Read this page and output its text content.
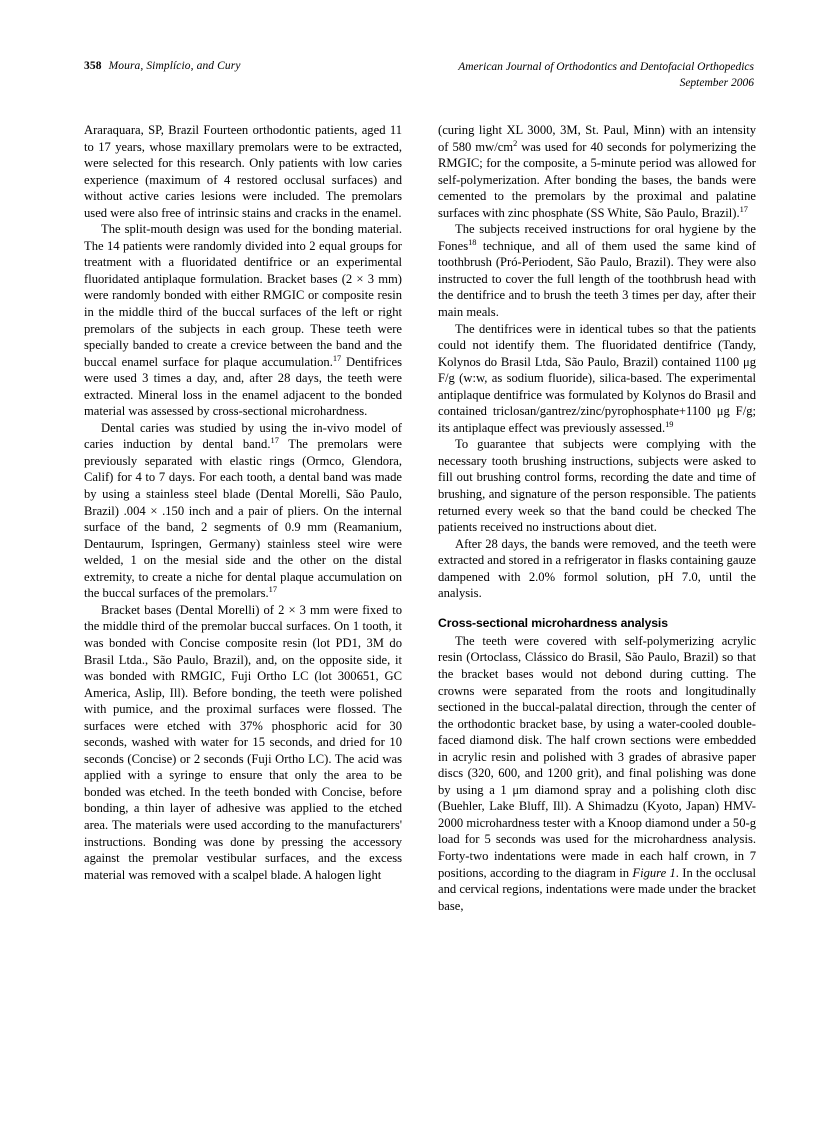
358 Moura, Simplício, and Cury	American Journal of Orthodontics and Dentofacial Orthopedics
September 2006

Araraquara, SP, Brazil Fourteen orthodontic patients, aged 11 to 17 years, whose maxillary premolars were to be extracted, were selected for this research. Only patients with low caries experience (maximum of 4 restored occlusal surfaces) and without active caries lesions were included. The premolars used were also free of intrinsic stains and cracks in the enamel.

The split-mouth design was used for the bonding material. The 14 patients were randomly divided into 2 equal groups for treatment with a fluoridated dentifrice or an experimental fluoridated antiplaque formulation. Bracket bases (2 × 3 mm) were randomly bonded with either RMGIC or composite resin in the middle third of the buccal surfaces of the left or right premolars of the subjects in each group. These teeth were specially banded to create a crevice between the band and the buccal enamel surface for plaque accumulation.$^{17}$ Dentifrices were used 3 times a day, and, after 28 days, the teeth were extracted. Mineral loss in the enamel adjacent to the bonded material was assessed by cross-sectional microhardness.

Dental caries was studied by using the in-vivo model of caries induction by dental band.$^{17}$ The premolars were previously separated with elastic rings (Ormco, Glendora, Calif) for 4 to 7 days. For each tooth, a dental band was made by using a stainless steel blade (Dental Morelli, São Paulo, Brazil) .004 × .150 inch and a pair of pliers. On the internal surface of the band, 2 segments of 0.9 mm (Reamanium, Dentaurum, Ispringen, Germany) stainless steel wire were welded, 1 on the mesial side and the other on the distal extremity, to create a niche for dental plaque accumulation on the buccal surfaces of the premolars.$^{17}$

Bracket bases (Dental Morelli) of 2 × 3 mm were fixed to the middle third of the premolar buccal surfaces. On 1 tooth, it was bonded with Concise composite resin (lot PD1, 3M do Brasil Ltda., São Paulo, Brazil), and, on the opposite side, it was bonded with RMGIC, Fuji Ortho LC (lot 300651, GC America, Aslip, Ill). Before bonding, the teeth were polished with pumice, and the proximal surfaces were flossed. The surfaces were etched with 37% phosphoric acid for 30 seconds, washed with water for 15 seconds, and dried for 10 seconds (Concise) or 2 seconds (Fuji Ortho LC). The acid was applied with a syringe to ensure that only the area to be bonded was etched. In the teeth bonded with Concise, before bonding, a thin layer of adhesive was applied to the etched area. The materials were used according to the manufacturers' instructions. Bonding was done by pressing the accessory against the premolar vestibular surfaces, and the excess material was removed with a scalpel blade. A halogen light

(curing light XL 3000, 3M, St. Paul, Minn) with an intensity of 580 $mw/cm^2$ was used for 40 seconds for polymerizing the RMGIC; for the composite, a 5-minute period was allowed for self-polymerization. After bonding the bases, the bands were cemented to the premolars by the proximal and palatine surfaces with zinc phosphate (SS White, São Paulo, Brazil).$^{17}$

The subjects received instructions for oral hygiene by the Fones$^{18}$ technique, and all of them used the same kind of toothbrush (Pró-Periodent, São Paulo, Brazil). They were also instructed to cover the full length of the toothbrush head with the dentifrice and to brush the teeth 3 times per day, after their main meals.

The dentifrices were in identical tubes so that the patients could not identify them. The fluoridated dentifrice (Tandy, Kolynos do Brasil Ltda, São Paulo, Brazil) contained 1100 μg F/g (w:w, as sodium fluoride), silica-based. The experimental antiplaque dentifrice was formulated by Kolynos do Brasil and contained triclosan/gantrez/zinc/pyrophosphate+1100 μg F/g; its antiplaque effect was previously assessed.$^{19}$

To guarantee that subjects were complying with the necessary tooth brushing instructions, subjects were asked to fill out brushing control forms, recording the date and time of brushing, and signature of the person responsible. The patients returned every week so that the band could be checked The patients received no instructions about diet.

After 28 days, the bands were removed, and the teeth were extracted and stored in a refrigerator in flasks containing gauze dampened with 2.0% formol solution, pH 7.0, until the analysis.

Cross-sectional microhardness analysis

The teeth were covered with self-polymerizing acrylic resin (Ortoclass, Clássico do Brasil, São Paulo, Brazil) so that the bracket bases would not debond during cutting. The crowns were separated from the roots and longitudinally sectioned in the buccal-palatal direction, through the center of the orthodontic bracket base, by using a water-cooled double-faced diamond disk. The half crown sections were embedded in acrylic resin and polished with 3 grades of abrasive paper discs (320, 600, and 1200 grit), and final polishing was done by using a 1 μm diamond spray and a polishing cloth disc (Buehler, Lake Bluff, Ill). A Shimadzu (Kyoto, Japan) HMV-2000 microhardness tester with a Knoop diamond under a 50-g load for 5 seconds was used for the microhardness analysis. Forty-two indentations were made in each half crown, in 7 positions, according to the diagram in Figure 1. In the occlusal and cervical regions, indentations were made under the bracket base,
